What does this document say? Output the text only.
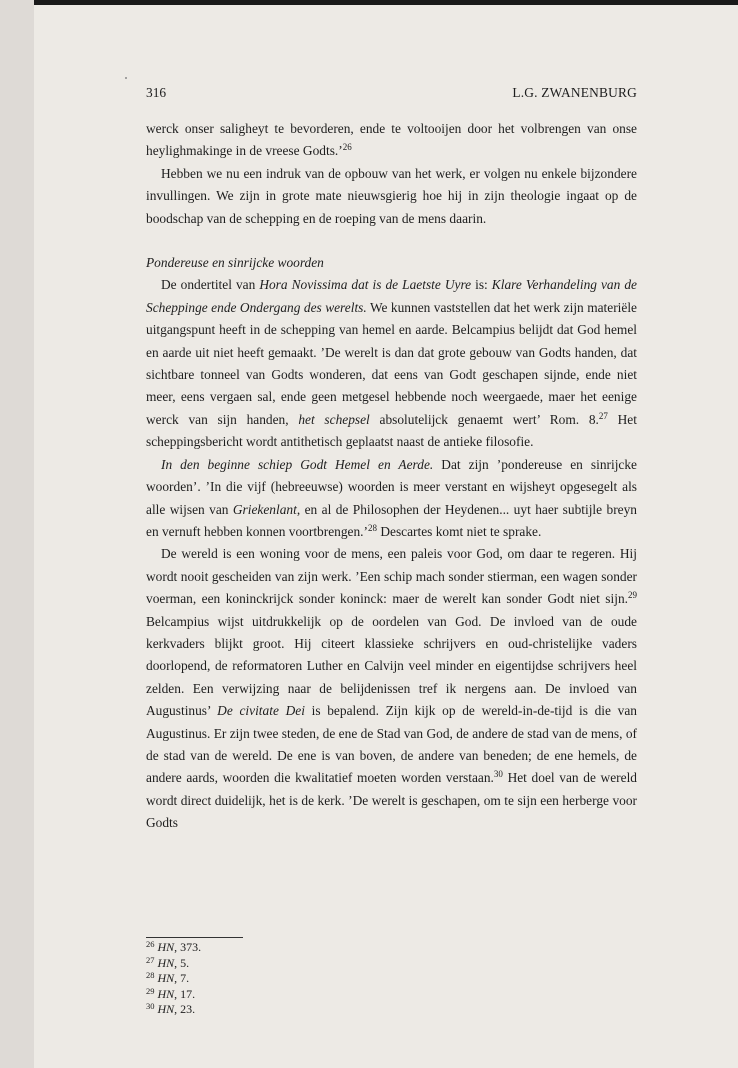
316	L.G. ZWANENBURG

werck onser saligheyt te bevorderen, ende te voltooijen door het volbrengen van onse heylighmakinge in de vreese Godts.’$^{26}$

Hebben we nu een indruk van de opbouw van het werk, er volgen nu enkele bijzondere invullingen. We zijn in grote mate nieuwsgierig hoe hij in zijn theologie ingaat op de boodschap van de schepping en de roeping van de mens daarin.

Pondereuse en sinrijcke woorden

De ondertitel van Hora Novissima dat is de Laetste Uyre is: Klare Verhandeling van de Scheppinge ende Ondergang des werelts. We kunnen vaststellen dat het werk zijn materiële uitgangspunt heeft in de schepping van hemel en aarde. Belcampius belijdt dat God hemel en aarde uit niet heeft gemaakt. ’De werelt is dan dat grote gebouw van Godts handen, dat sichtbare tonneel van Godts wonderen, dat eens van Godt geschapen sijnde, ende niet meer, eens vergaen sal, ende geen metgesel hebbende noch weergaede, maer het eenige werck van sijn handen, het schepsel absolutelijck genaemt wert’ Rom. 8.27 Het scheppingsbericht wordt antithetisch geplaatst naast de antieke filosofie.

In den beginne schiep Godt Hemel en Aerde. Dat zijn ’pondereuse en sinrijcke woorden’. ’In die vijf (hebreeuwse) woorden is meer verstant en wijsheyt opgesegelt als alle wijsen van Griekenlant, en al de Philosophen der Heydenen... uyt haer subtijle breyn en vernuft hebben konnen voortbrengen.’$^{28}$ Descartes komt niet te sprake.

De wereld is een woning voor de mens, een paleis voor God, om daar te regeren. Hij wordt nooit gescheiden van zijn werk. ’Een schip mach sonder stierman, een wagen sonder voerman, een koninckrijck sonder koninck: maer de werelt kan sonder Godt niet sijn.$^{29}$ Belcampius wijst uitdrukkelijk op de oordelen van God. De invloed van de oude kerkvaders blijkt groot. Hij citeert klassieke schrijvers en oud-christelijke vaders doorlopend, de reformatoren Luther en Calvijn veel minder en eigentijdse schrijvers heel zelden. Een verwijzing naar de belijdenissen tref ik nergens aan. De invloed van Augustinus’ De civitate Dei is bepalend. Zijn kijk op de wereld-in-de-tijd is die van Augustinus. Er zijn twee steden, de ene de Stad van God, de andere de stad van de mens, of de stad van de wereld. De ene is van boven, de andere van beneden; de ene hemels, de andere aards, woorden die kwalitatief moeten worden verstaan.$^{30}$ Het doel van de wereld wordt direct duidelijk, het is de kerk. ’De werelt is geschapen, om te sijn een herberge voor Godts

$^{26}$ HN, 373.
$^{27}$ HN, 5.
$^{28}$ HN, 7.
$^{29}$ HN, 17.
$^{30}$ HN, 23.
